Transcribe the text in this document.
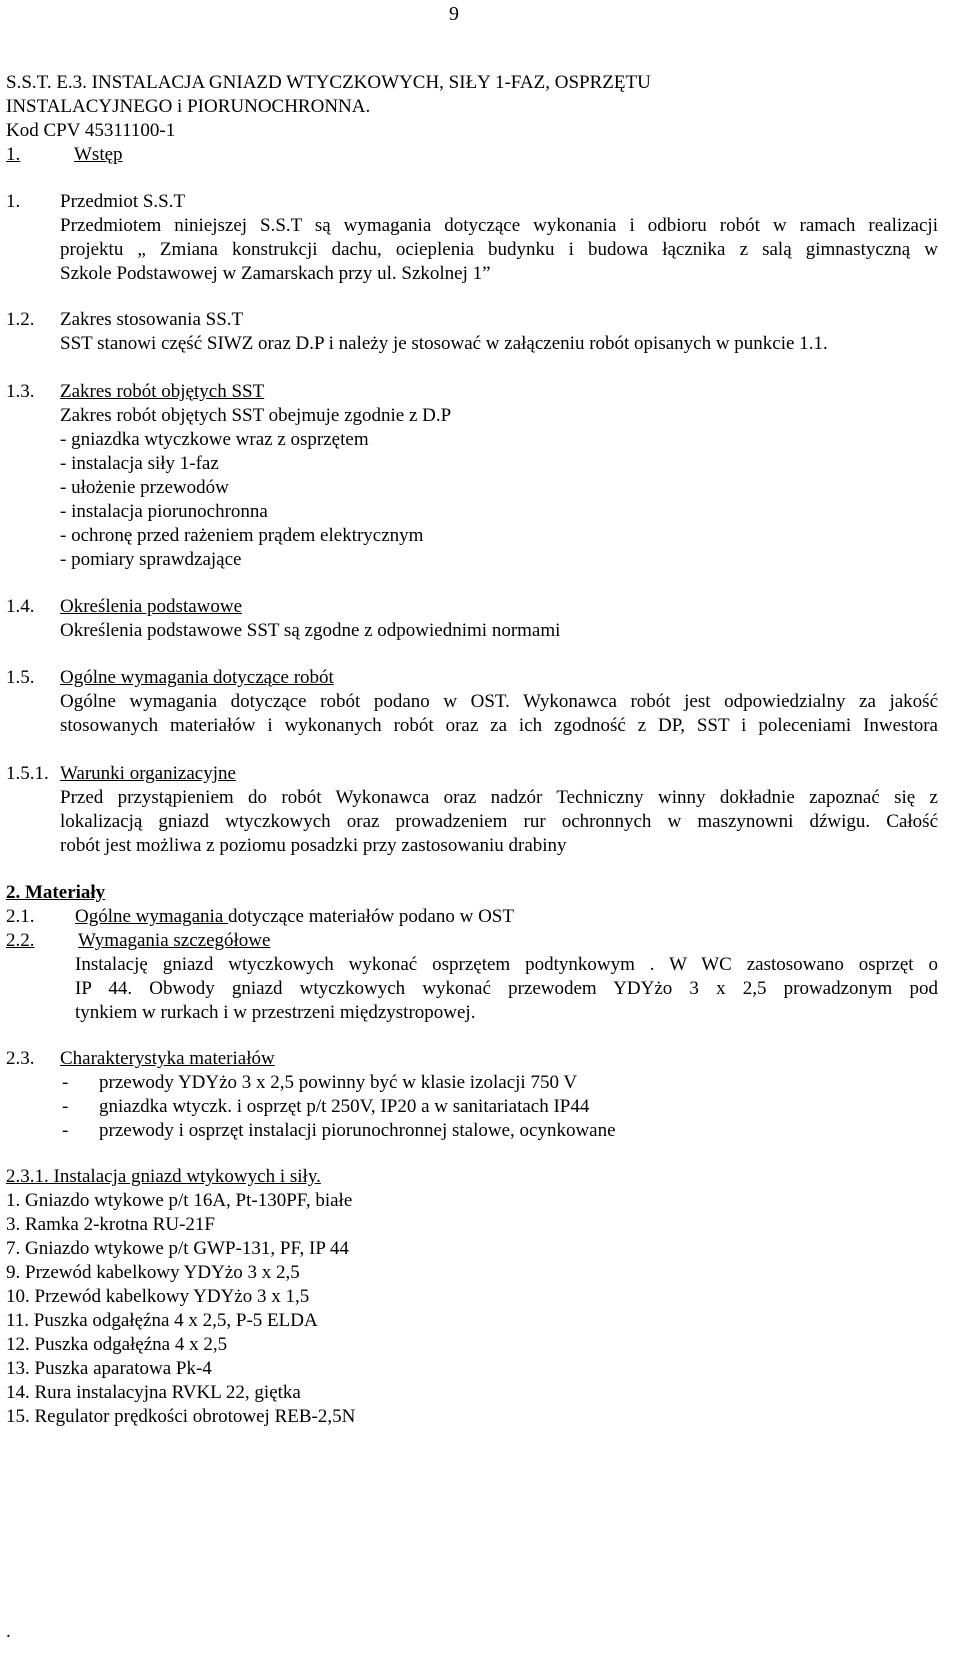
9
S.S.T. E.3. INSTALACJA GNIAZD WTYCZKOWYCH, SIŁY 1-FAZ, OSPRZĘTU
INSTALACYJNEGO i PIORUNOCHRONNA.
Kod CPV 45311100-1
1.	Wstęp
1. Przedmiot S.S.T
Przedmiotem niniejszej S.S.T są wymagania dotyczące wykonania i odbioru robót w ramach realizacji
projektu „ Zmiana konstrukcji dachu, ocieplenia budynku i budowa łącznika z salą gimnastyczną w
Szkole Podstawowej w Zamarskach przy ul. Szkolnej 1”
1.2. Zakres stosowania SS.T
SST stanowi część SIWZ oraz D.P i należy je stosować w załączeniu robót opisanych w punkcie 1.1.
1.3. Zakres robót objętych SST
Zakres robót objętych SST obejmuje zgodnie z D.P
- gniazdka wtyczkowe wraz z osprzętem
- instalacja siły 1-faz
- ułożenie przewodów
- instalacja piorunochronna
- ochronę przed rażeniem prądem elektrycznym
- pomiary sprawdzające
1.4. Określenia podstawowe
Określenia podstawowe SST są zgodne z odpowiednimi normami
1.5. Ogólne wymagania dotyczące robót
Ogólne wymagania dotyczące robót podano w OST. Wykonawca robót jest odpowiedzialny za jakość
stosowanych materiałów i wykonanych robót oraz za ich zgodność z DP, SST i poleceniami Inwestora
1.5.1. Warunki organizacyjne
Przed przystąpieniem do robót Wykonawca oraz nadzór Techniczny winny dokładnie zapoznać się z
lokalizacją gniazd wtyczkowych oraz prowadzeniem rur ochronnych w maszynowni dźwigu. Całość
robót jest możliwa z poziomu posadzki przy zastosowaniu drabiny
2. Materiały
2.1. Ogólne wymagania dotyczące materiałów podano w OST
2.2. Wymagania szczegółowe
Instalację gniazd wtyczkowych wykonać osprzętem podtynkowym . W WC zastosowano osprzęt o
IP 44. Obwody gniazd wtyczkowych wykonać przewodem YDYżo 3 x 2,5 prowadzonym pod
tynkiem w rurkach i w przestrzeni międzystropowej.
2.3. Charakterystyka materiałów
- przewody YDYżo 3 x 2,5 powinny być w klasie izolacji 750 V
- gniazdka wtyczk. i osprzęt p/t 250V, IP20 a w sanitariatach IP44
- przewody i osprzęt instalacji piorunochronnej stalowe, ocynkowane
2.3.1. Instalacja gniazd wtykowych i siły.
1. Gniazdo wtykowe p/t 16A, Pt-130PF, białe
3. Ramka 2-krotna RU-21F
7. Gniazdo wtykowe p/t GWP-131, PF, IP 44
9. Przewód kabelkowy YDYżo 3 x 2,5
10. Przewód kabelkowy YDYżo 3 x 1,5
11. Puszka odgałęźna 4 x 2,5, P-5 ELDA
12. Puszka odgałęźna 4 x 2,5
13. Puszka aparatowa Pk-4
14. Rura instalacyjna RVKL 22, giętka
15. Regulator prędkości obrotowej REB-2,5N
.
